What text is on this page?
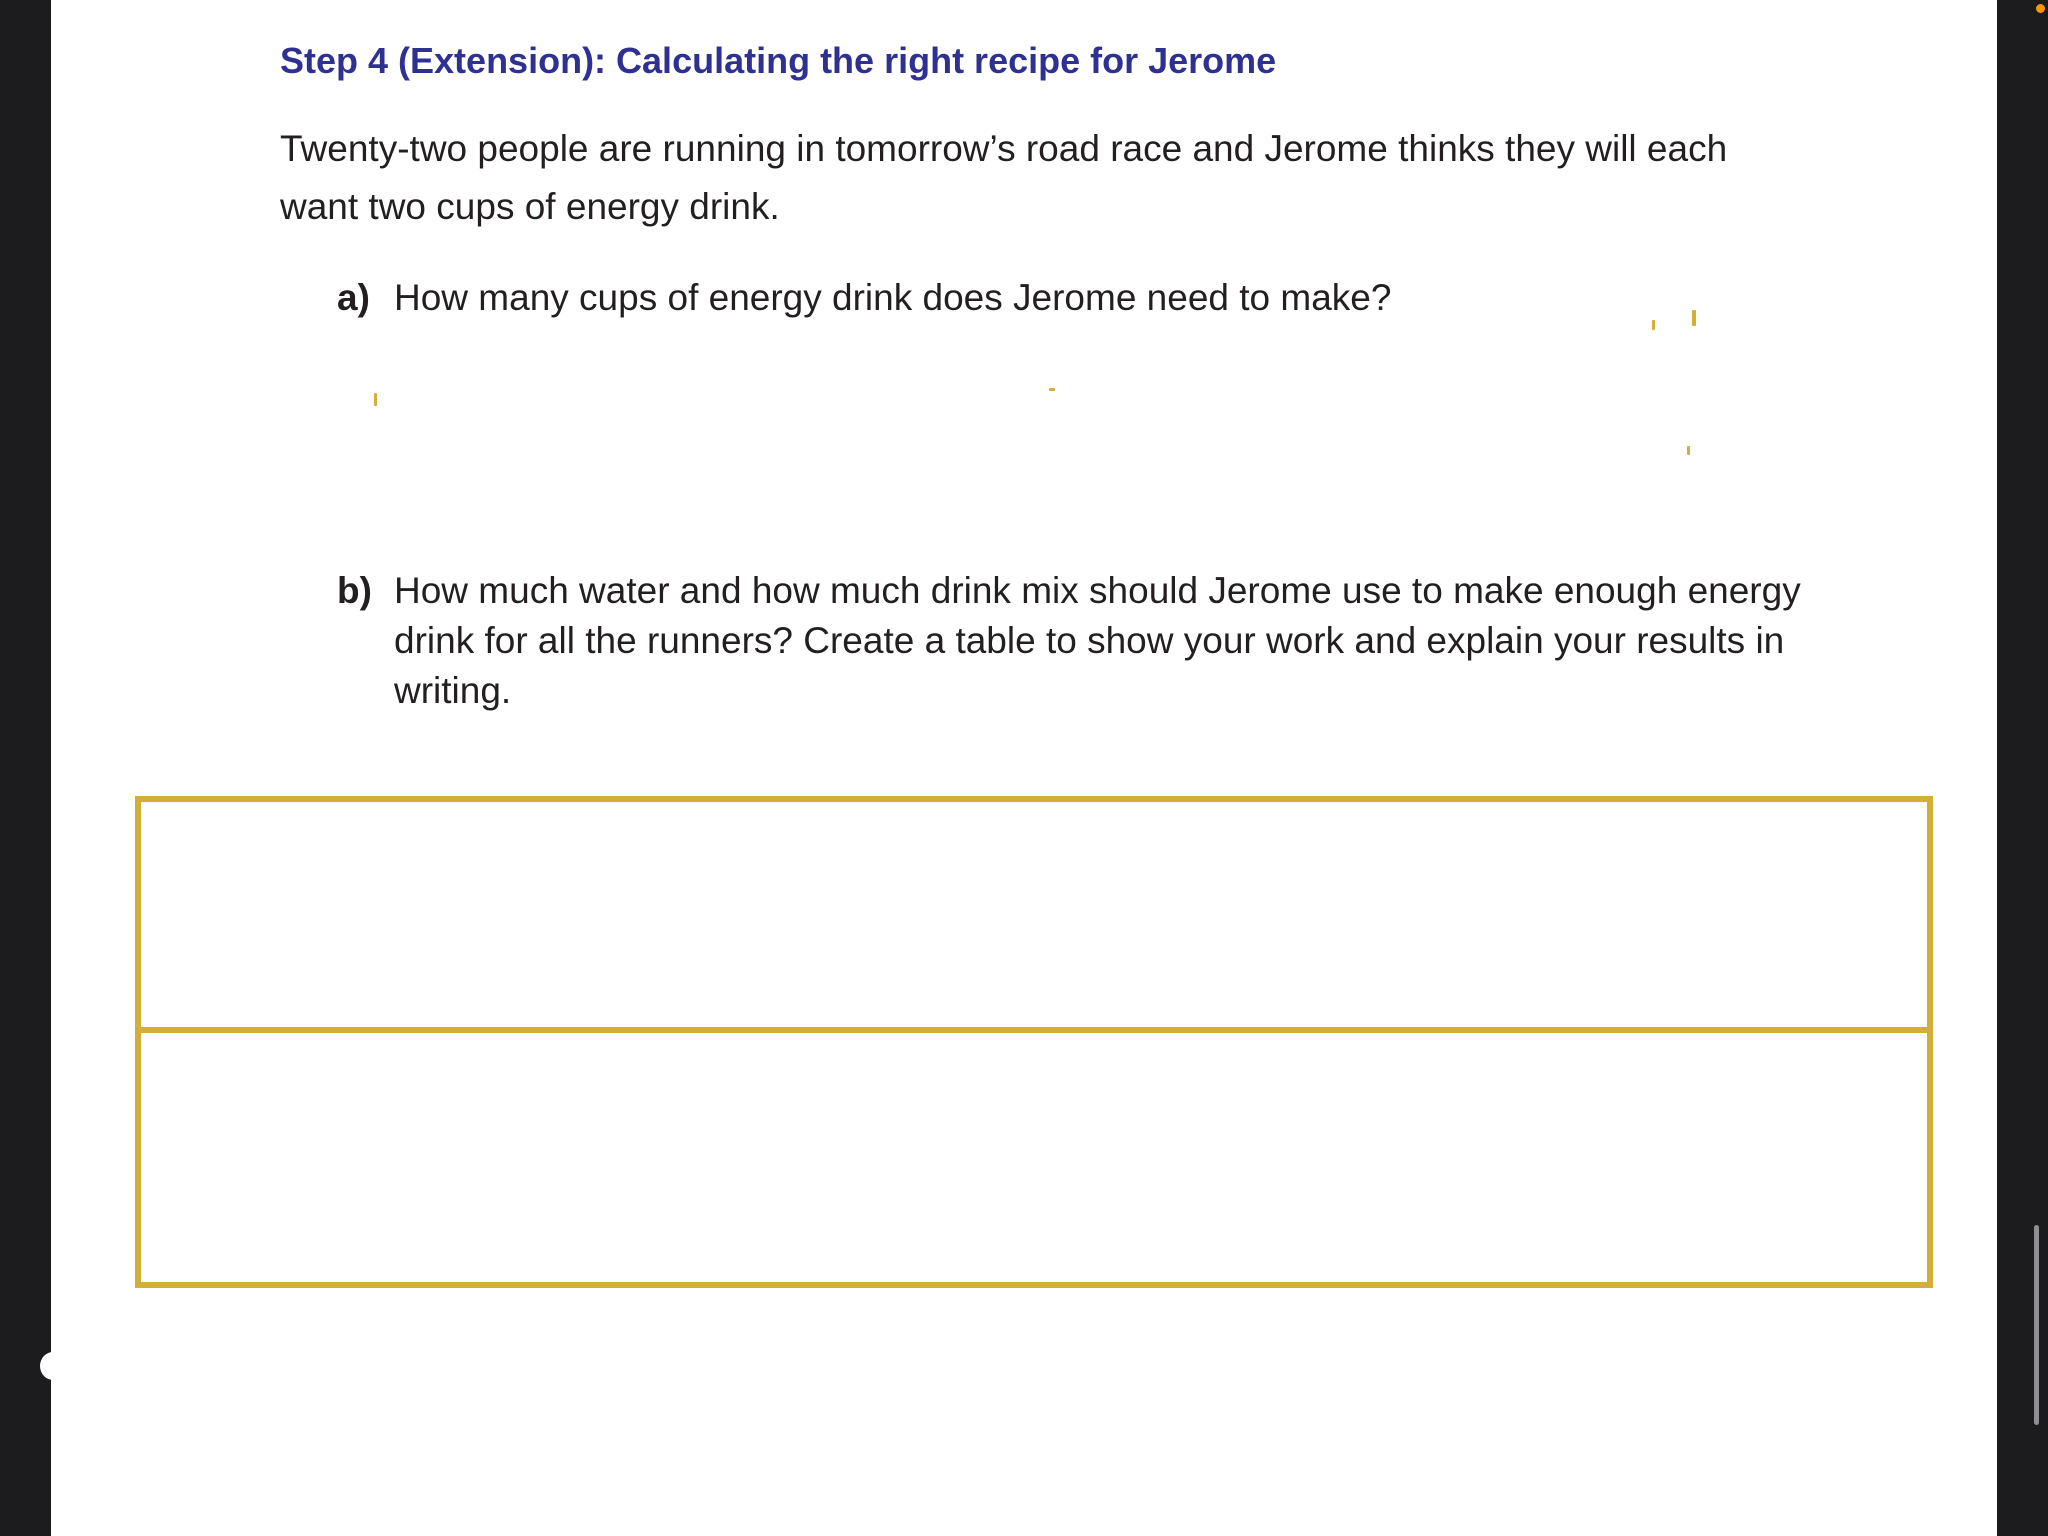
Step 4 (Extension): Calculating the right recipe for Jerome

Twenty-two people are running in tomorrow’s road race and Jerome thinks they will each want two cups of energy drink.

a) How many cups of energy drink does Jerome need to make?
b) How much water and how much drink mix should Jerome use to make enough energy drink for all the runners? Create a table to show your work and explain your results in writing.
